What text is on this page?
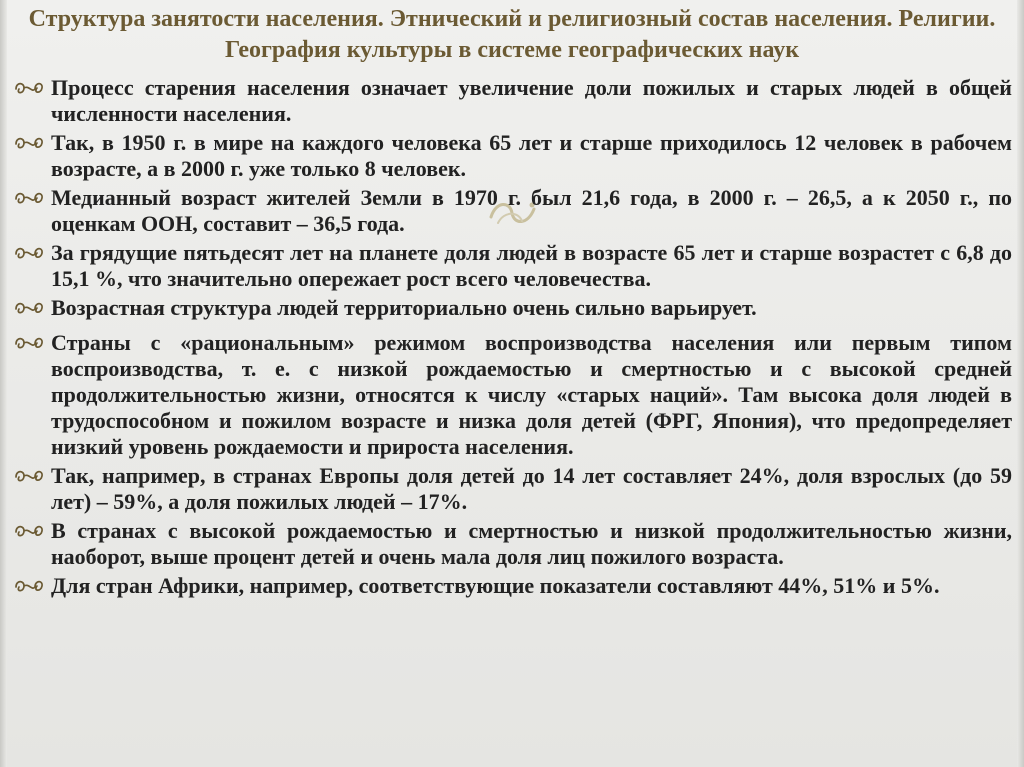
Структура занятости населения. Этнический и религиозный состав населения. Религии. География культуры в системе географических наук
Процесс старения населения означает увеличение доли пожилых и старых людей в общей численности населения.
Так, в 1950 г. в мире на каждого человека 65 лет и старше приходилось 12 человек в рабочем возрасте, а в 2000 г. уже только 8 человек.
Медианный возраст жителей Земли в 1970 г. был 21,6 года, в 2000 г. – 26,5, а к 2050 г., по оценкам ООН, составит – 36,5 года.
За грядущие пятьдесят лет на планете доля людей в возрасте 65 лет и старше возрастет с 6,8 до 15,1 %, что значительно опережает рост всего человечества.
Возрастная структура людей территориально очень сильно варьирует.
Страны с «рациональным» режимом воспроизводства населения или первым типом воспроизводства, т. е. с низкой рождаемостью и смертностью и с высокой средней продолжительностью жизни, относятся к числу «старых наций». Там высока доля людей в трудоспособном и пожилом возрасте и низка доля детей (ФРГ, Япония), что предопределяет низкий уровень рождаемости и прироста населения.
Так, например, в странах Европы доля детей до 14 лет составляет 24%, доля взрослых (до 59 лет) – 59%, а доля пожилых людей – 17%.
В странах с высокой рождаемостью и смертностью и низкой продолжительностью жизни, наоборот, выше процент детей и очень мала доля лиц пожилого возраста.
Для стран Африки, например, соответствующие показатели составляют 44%, 51% и 5%.
